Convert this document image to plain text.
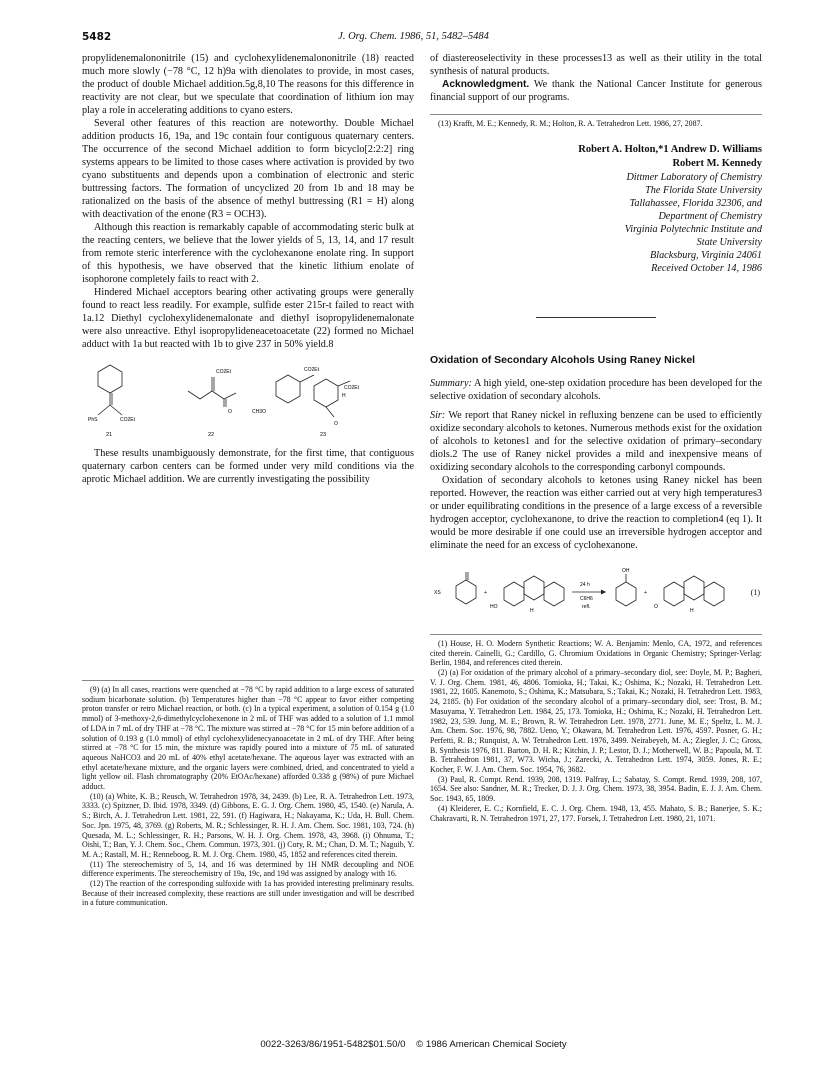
5482	J. Org. Chem. 1986, 51, 5482–5484

propylidenemalononitrile (15) and cyclohexylidenemalononitrile (18) reacted much more slowly (−78 °C, 12 h)9a with dienolates to provide, in most cases, the product of double Michael addition.5g,8,10 The reasons for this difference in reactivity are not clear, but we speculate that coordination of lithium ion may play a role in accelerating additions to cyano esters.

Several other features of this reaction are noteworthy. Double Michael addition products 16, 19a, and 19c contain four contiguous quaternary centers. The occurrence of the second Michael addition to form bicyclo[2:2:2] ring systems appears to be limited to those cases where activation is provided by two cyano substituents and depends upon a combination of electronic and steric buttressing factors. The formation of uncyclized 20 from 1b and 18 may be rationalized on the basis of the absence of methyl buttressing (R1 = H) along with deactivation of the enone (R3 = OCH3).

Although this reaction is remarkably capable of accommodating steric bulk at the reacting centers, we believe that the lower yields of 5, 13, 14, and 17 result from remote steric interference with the cyclohexanone enolate ring. In support of this hypothesis, we have observed that the kinetic lithium enolate of isophorone completely fails to react with 2.

Hindered Michael acceptors bearing other activating groups were generally found to react less readily. For example, sulfide ester 215r-t failed to react with 1a.12 Diethyl cyclohexylidenemalonate and diethyl isopropylidenemalonate were also unreactive. Ethyl isopropylideneacetoacetate (22) formed no Michael adduct with 1a but reacted with 1b to give 237 in 50% yield.8

PhS	CO2Et
21
CO2Et
O
22
CH3O
CO2Et
H
CO2Et
O
23

These results unambiguously demonstrate, for the first time, that contiguous quaternary carbon centers can be formed under very mild conditions via the aprotic Michael addition. We are currently investigating the possibility

(9) (a) In all cases, reactions were quenched at −78 °C by rapid addition to a large excess of saturated sodium bicarbonate solution. (b) Temperatures higher than −78 °C appear to favor either competing proton transfer or retro Michael reaction, or both. (c) In a typical experiment, a solution of 0.154 g (1.0 mmol) of 3-methoxy-2,6-dimethylcyclohexenone in 2 mL of THF was added to a solution of 1.1 mmol of LDA in 7 mL of dry THF at −78 °C. The mixture was stirred at −78 °C for 15 min before addition of a solution of 0.193 g (1.0 mmol) of ethyl cyclohexylidenecyanoacetate in 2 mL of dry THF. After being stirred at −78 °C for 15 min, the mixture was rapidly poured into a mixture of 75 mL of saturated aqueous NaHCO3 and 20 mL of 40% ethyl acetate/hexane. The aqueous layer was extracted with an ethyl acetate/hexane mixture, and the organic layers were combined, dried, and concentrated to yield a light yellow oil. Flash chromatography (20% EtOAc/hexane) afforded 0.338 g (98%) of pure Michael adduct.

(10) (a) White, K. B.; Reusch, W. Tetrahedron 1978, 34, 2439. (b) Lee, R. A. Tetrahedron Lett. 1973, 3333. (c) Spitzner, D. Ibid. 1978, 3349. (d) Gibbons, E. G. J. Org. Chem. 1980, 45, 1540. (e) Narula, A. S.; Birch, A. J. Tetrahedron Lett. 1981, 22, 591. (f) Hagiwara, H.; Nakayama, K.; Uda, H. Bull. Chem. Soc. Jpn. 1975, 48, 3769. (g) Roberts, M. R.; Schlessinger, R. H. J. Am. Chem. Soc. 1981, 103, 724. (h) Quesada, M. L.; Schlessinger, R. H.; Parsons, W. H. J. Org. Chem. 1978, 43, 3968. (i) Ohnuma, T.; Oishi, T.; Ban, Y. J. Chem. Soc., Chem. Commun. 1973, 301. (j) Cory, R. M.; Chan, D. M. T.; Naguib, Y. M. A.; Rastall, M. H.; Renneboog, R. M. J. Org. Chem. 1980, 45, 1852 and references cited therein.

(11) The stereochemistry of 5, 14, and 16 was determined by 1H NMR decoupling and NOE difference experiments. The stereochemistry of 19a, 19c, and 19d was assigned by analogy with 16.

(12) The reaction of the corresponding sulfoxide with 1a has provided interesting preliminary results. Because of their increased complexity, these reactions are still under investigation and will be described in a future communication.

of diastereoselectivity in these processes13 as well as their utility in the total synthesis of natural products.

Acknowledgment. We thank the National Cancer Institute for generous financial support of our programs.

(13) Krafft, M. E.; Kennedy, R. M.; Holton, R. A. Tetrahedron Lett. 1986, 27, 2087.

Robert A. Holton,*1 Andrew D. Williams
Robert M. Kennedy
Dittmer Laboratory of Chemistry
The Florida State University
Tallahassee, Florida 32306, and
Department of Chemistry
Virginia Polytechnic Institute and
State University
Blacksburg, Virginia 24061
Received October 14, 1986
Oxidation of Secondary Alcohols Using Raney Nickel

Summary: A high yield, one-step oxidation procedure has been developed for the selective oxidation of secondary alcohols.

Sir: We report that Raney nickel in refluxing benzene can be used to efficiently oxidize secondary alcohols to ketones. Numerous methods exist for the oxidation of alcohols to ketones1 and for the selective oxidation of primary–secondary diols.2 The use of Raney nickel provides a mild and inexpensive means of oxidizing secondary alcohols to the corresponding carbonyl compounds.

Oxidation of secondary alcohols to ketones using Raney nickel has been reported. However, the reaction was either carried out at very high temperatures3 or under equilibrating conditions in the presence of a large excess of a reversible hydrogen acceptor, cyclohexanone, to drive the reaction to completion4 (eq 1). It would be more desirable if one could use an irreversible hydrogen acceptor and eliminate the need for an excess of cyclohexanone.

XS	+
HO
H
24 h
C6H6
refl.
OH
+
O
H
(1)

(1) House, H. O. Modern Synthetic Reactions; W. A. Benjamin: Menlo, CA, 1972, and references cited therein. Cainelli, G.; Cardillo, G. Chromium Oxidations in Organic Chemistry; Springer-Verlag: Berlin, 1984, and references cited therein.

(2) (a) For oxidation of the primary alcohol of a primary–secondary diol, see: Doyle, M. P.; Bagheri, V. J. Org. Chem. 1981, 46, 4806. Tomioka, H.; Takai, K.; Oshima, K.; Nozaki, H. Tetrahedron Lett. 1981, 22, 1605. Kanemoto, S.; Oshima, K.; Matsubara, S.; Takai, K.; Nozaki, H. Tetrahedron Lett. 1983, 24, 2185. (b) For oxidation of the secondary alcohol of a primary–secondary diol, see: Trost, B. M.; Masuyama, Y. Tetrahedron Lett. 1984, 25, 173. Tomioka, H.; Oshima, K.; Nozaki, H. Tetrahedron Lett. 1982, 23, 539. Jung, M. E.; Brown, R. W. Tetrahedron Lett. 1978, 2771. June, M. E.; Speltz, L. M. J. Am. Chem. Soc. 1976, 98, 7882. Ueno, Y.; Okawara, M. Tetrahedron Lett. 1976, 4597. Posner, G. H.; Perfetti, R. B.; Runquist, A. W. Tetrahedron Lett. 1976, 3499. Neirabeyeh, M. A.; Ziegler, J. C.; Gross, B. Synthesis 1976, 811. Barton, D. H. R.; Kitchin, J. P.; Lestor, D. J.; Motherwell, W. B.; Papoula, M. T. B. Tetrahedron 1981, 37, W73. Wicha, J.; Zarecki, A. Tetrahedron Lett. 1974, 3059. Jones, R. E.; Kocher, F. W. J. Am. Chem. Soc. 1954, 76, 3682.

(3) Paul, R. Compt. Rend. 1939, 208, 1319. Palfray, L.; Sabatay, S. Compt. Rend. 1939, 208, 107, 1654. See also: Sandner, M. R.; Trecker, D. J. J. Org. Chem. 1973, 38, 3954. Badin, E. J. J. Am. Chem. Soc. 1943, 65, 1809.

(4) Kleiderer, E. C.; Kornfield, E. C. J. Org. Chem. 1948, 13, 455. Mahato, S. B.; Banerjee, S. K.; Chakravarti, R. N. Tetrahedron 1971, 27, 177. Forsek, J. Tetrahedron Lett. 1980, 21, 1071.

0022-3263/86/1951-5482$01.50/0 © 1986 American Chemical Society
